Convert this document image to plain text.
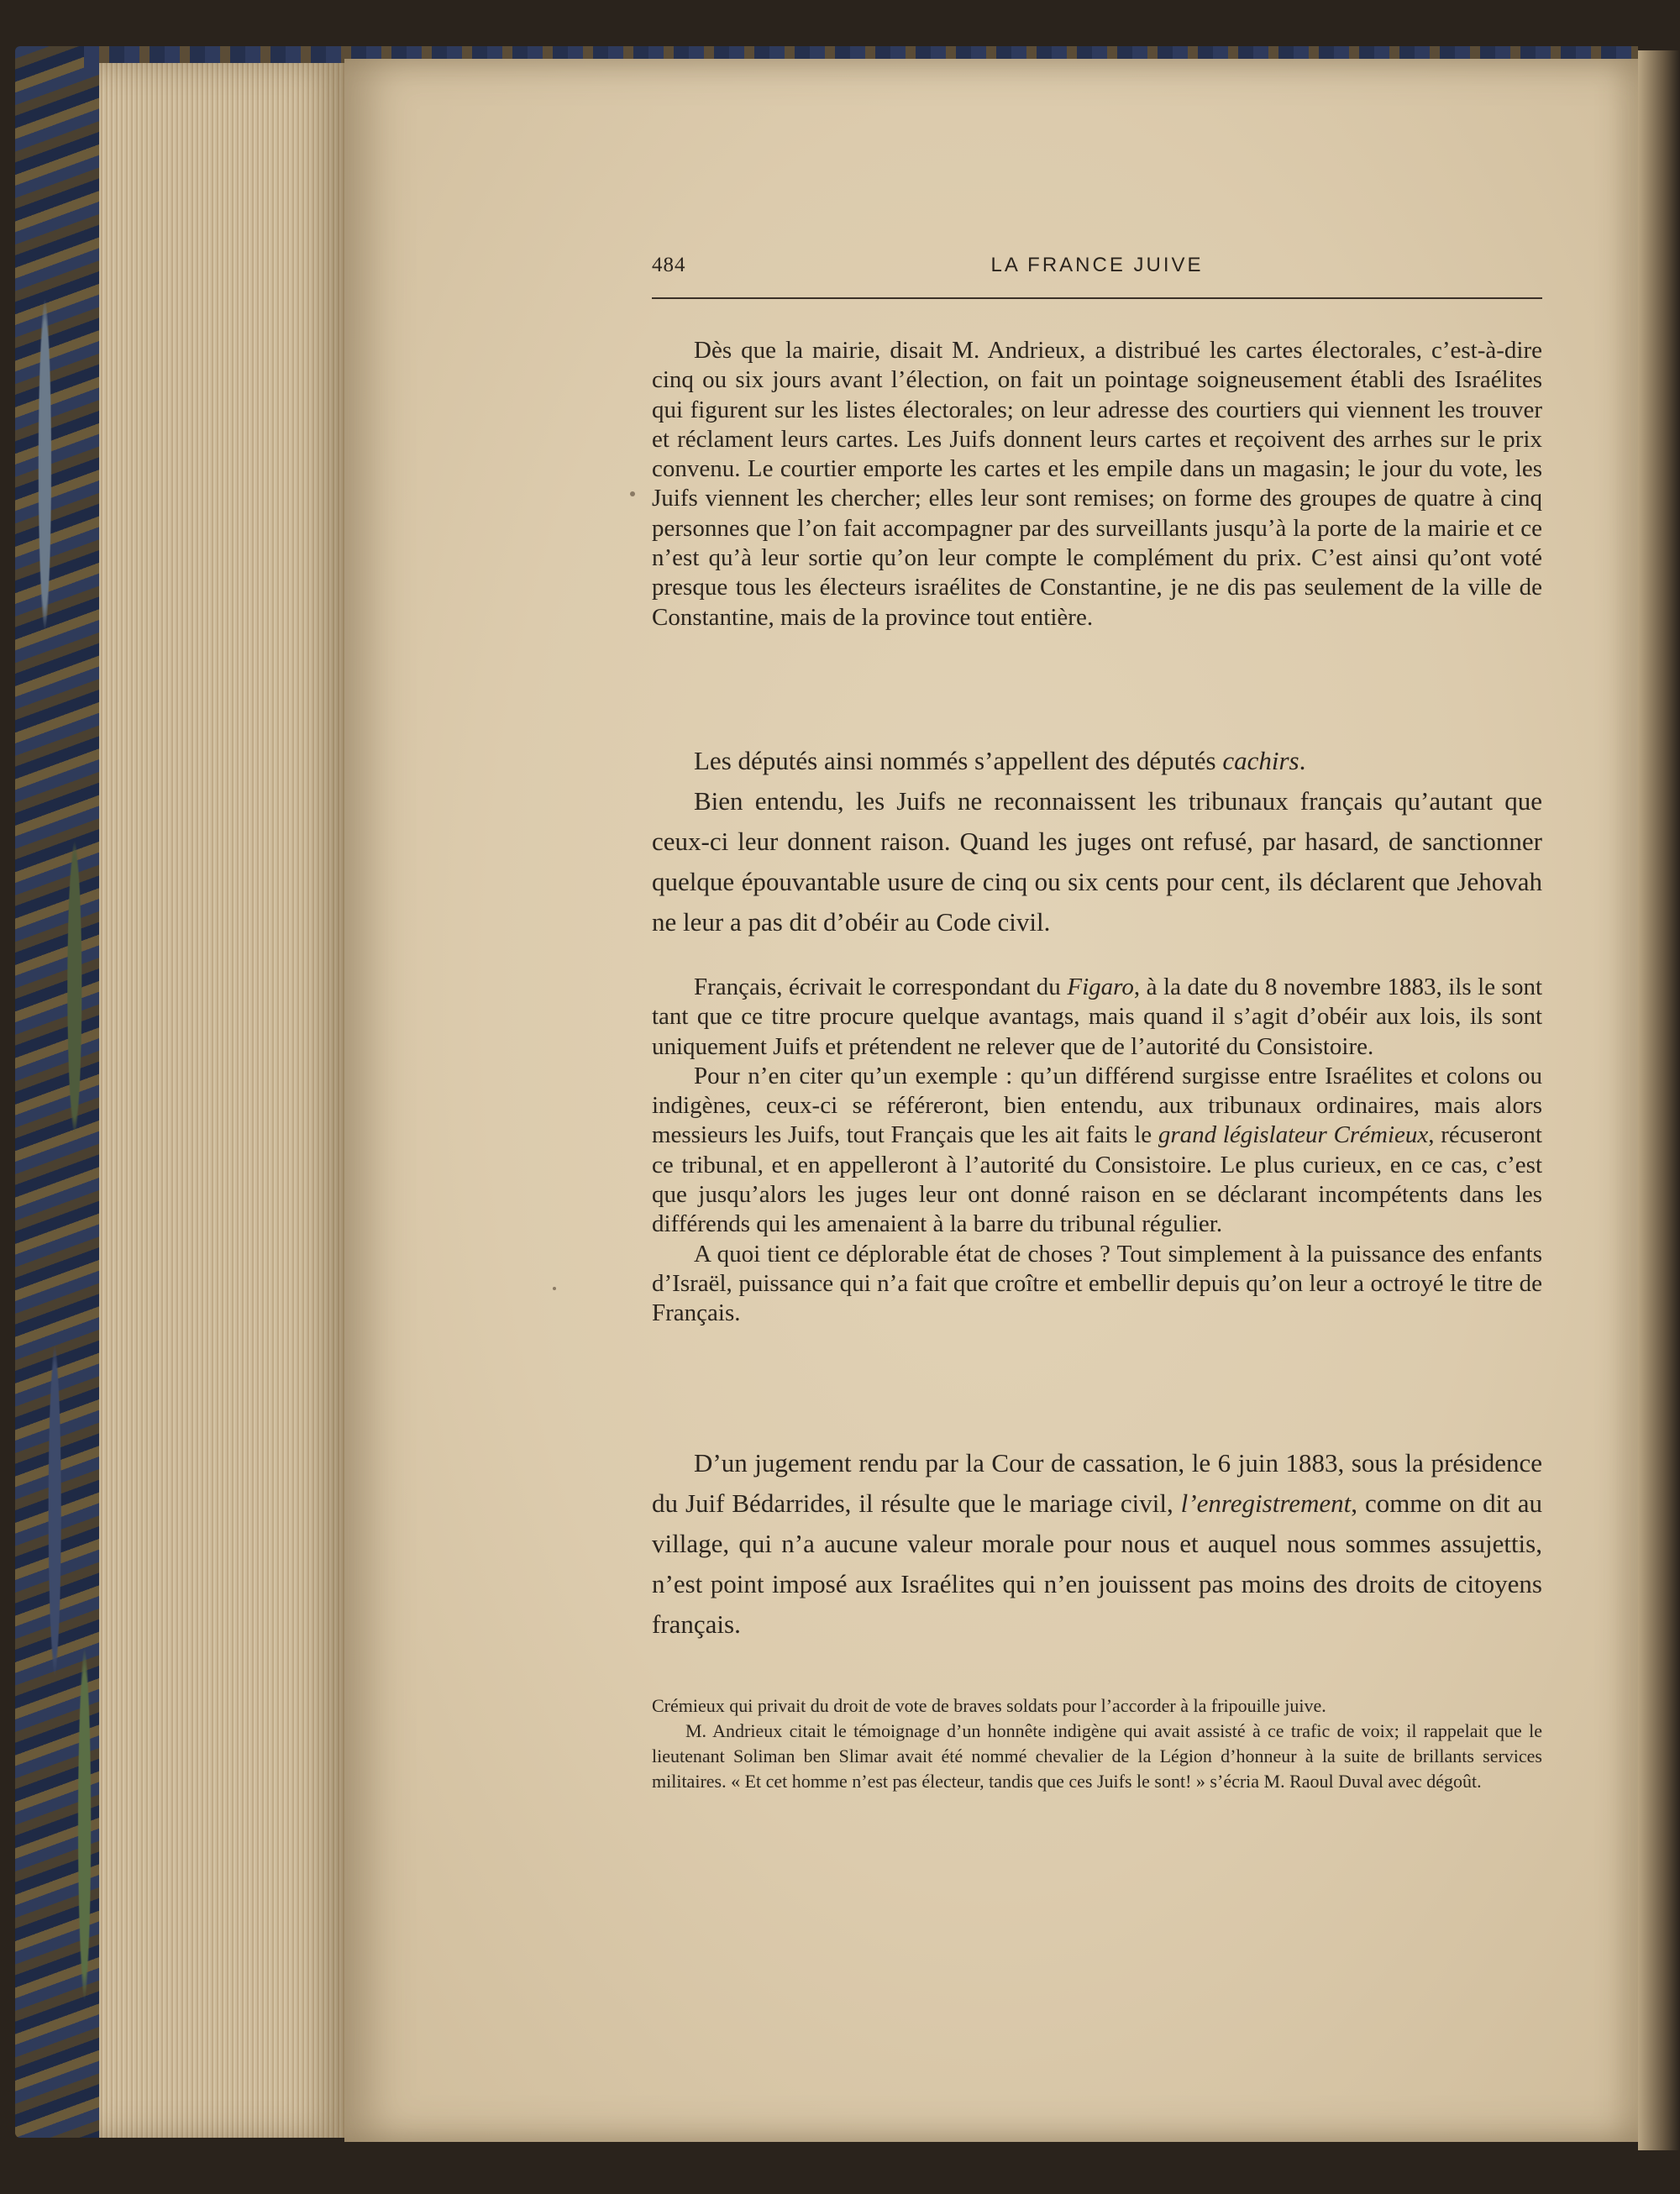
484	LA FRANCE JUIVE

Dès que la mairie, disait M. Andrieux, a distribué les cartes électorales, c’est-à-dire cinq ou six jours avant l’élection, on fait un pointage soigneusement établi des Israélites qui figurent sur les listes électorales; on leur adresse des courtiers qui viennent les trouver et réclament leurs cartes. Les Juifs donnent leurs cartes et reçoivent des arrhes sur le prix convenu. Le courtier emporte les cartes et les empile dans un magasin; le jour du vote, les Juifs viennent les chercher; elles leur sont remises; on forme des groupes de quatre à cinq personnes que l’on fait accompagner par des surveillants jusqu’à la porte de la mairie et ce n’est qu’à leur sortie qu’on leur compte le complément du prix. C’est ainsi qu’ont voté presque tous les électeurs israélites de Constantine, je ne dis pas seulement de la ville de Constantine, mais de la province tout entière.

Les députés ainsi nommés s’appellent des députés cachirs.

Bien entendu, les Juifs ne reconnaissent les tribunaux français qu’autant que ceux-ci leur donnent raison. Quand les juges ont refusé, par hasard, de sanctionner quelque épouvantable usure de cinq ou six cents pour cent, ils déclarent que Jehovah ne leur a pas dit d’obéir au Code civil.

Français, écrivait le correspondant du Figaro, à la date du 8 novembre 1883, ils le sont tant que ce titre procure quelque avantags, mais quand il s’agit d’obéir aux lois, ils sont uniquement Juifs et prétendent ne relever que de l’autorité du Consistoire.

Pour n’en citer qu’un exemple : qu’un différend surgisse entre Israélites et colons ou indigènes, ceux-ci se référeront, bien entendu, aux tribunaux ordinaires, mais alors messieurs les Juifs, tout Français que les ait faits le grand législateur Crémieux, récuseront ce tribunal, et en appelleront à l’autorité du Consistoire. Le plus curieux, en ce cas, c’est que jusqu’alors les juges leur ont donné raison en se déclarant incompétents dans les différends qui les amenaient à la barre du tribunal régulier.

A quoi tient ce déplorable état de choses ? Tout simplement à la puissance des enfants d’Israël, puissance qui n’a fait que croître et embellir depuis qu’on leur a octroyé le titre de Français.

D’un jugement rendu par la Cour de cassation, le 6 juin 1883, sous la présidence du Juif Bédarrides, il résulte que le mariage civil, l’enregistrement, comme on dit au village, qui n’a aucune valeur morale pour nous et auquel nous sommes assujettis, n’est point imposé aux Israélites qui n’en jouissent pas moins des droits de citoyens français.

Crémieux qui privait du droit de vote de braves soldats pour l’accorder à la fripouille juive.

M. Andrieux citait le témoignage d’un honnête indigène qui avait assisté à ce trafic de voix; il rappelait que le lieutenant Soliman ben Slimar avait été nommé chevalier de la Légion d’honneur à la suite de brillants services militaires. « Et cet homme n’est pas électeur, tandis que ces Juifs le sont! » s’écria M. Raoul Duval avec dégoût.
